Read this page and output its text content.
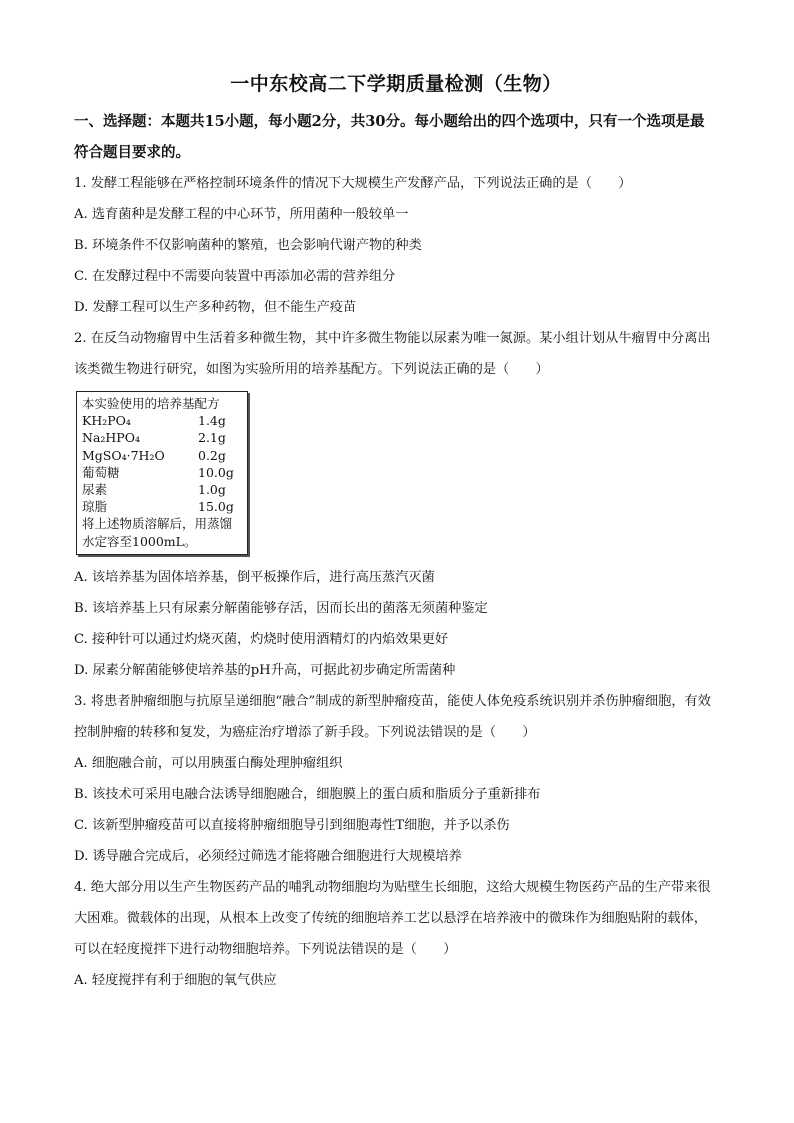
一中东校高二下学期质量检测（生物）
一、选择题：本题共15小题，每小题2分，共30分。每小题给出的四个选项中，只有一个选项是最符合题目要求的。

1. 发酵工程能够在严格控制环境条件的情况下大规模生产发酵产品，下列说法正确的是（　　）

A. 选育菌种是发酵工程的中心环节，所用菌种一般较单一

B. 环境条件不仅影响菌种的繁殖，也会影响代谢产物的种类

C. 在发酵过程中不需要向装置中再添加必需的营养组分

D. 发酵工程可以生产多种药物，但不能生产疫苗

2. 在反刍动物瘤胃中生活着多种微生物，其中许多微生物能以尿素为唯一氮源。某小组计划从牛瘤胃中分离出该类微生物进行研究，如图为实验所用的培养基配方。下列说法正确的是（　　）

本实验使用的培养基配方
KH₂PO₄	1.4g
Na₂HPO₄	2.1g
MgSO₄·7H₂O	0.2g
葡萄糖	10.0g
尿素	1.0g
琼脂	15.0g
将上述物质溶解后，用蒸馏水定容至1000mL。

A. 该培养基为固体培养基，倒平板操作后，进行高压蒸汽灭菌

B. 该培养基上只有尿素分解菌能够存活，因而长出的菌落无须菌种鉴定

C. 接种针可以通过灼烧灭菌，灼烧时使用酒精灯的内焰效果更好

D. 尿素分解菌能够使培养基的pH升高，可据此初步确定所需菌种

3. 将患者肿瘤细胞与抗原呈递细胞“融合”制成的新型肿瘤疫苗，能使人体免疫系统识别并杀伤肿瘤细胞，有效控制肿瘤的转移和复发，为癌症治疗增添了新手段。下列说法错误的是（　　）

A. 细胞融合前，可以用胰蛋白酶处理肿瘤组织

B. 该技术可采用电融合法诱导细胞融合，细胞膜上的蛋白质和脂质分子重新排布

C. 该新型肿瘤疫苗可以直接将肿瘤细胞导引到细胞毒性T细胞，并予以杀伤

D. 诱导融合完成后，必须经过筛选才能将融合细胞进行大规模培养

4. 绝大部分用以生产生物医药产品的哺乳动物细胞均为贴壁生长细胞，这给大规模生物医药产品的生产带来很大困难。微载体的出现，从根本上改变了传统的细胞培养工艺以悬浮在培养液中的微珠作为细胞贴附的载体，可以在轻度搅拌下进行动物细胞培养。下列说法错误的是（　　）

A. 轻度搅拌有利于细胞的氧气供应
